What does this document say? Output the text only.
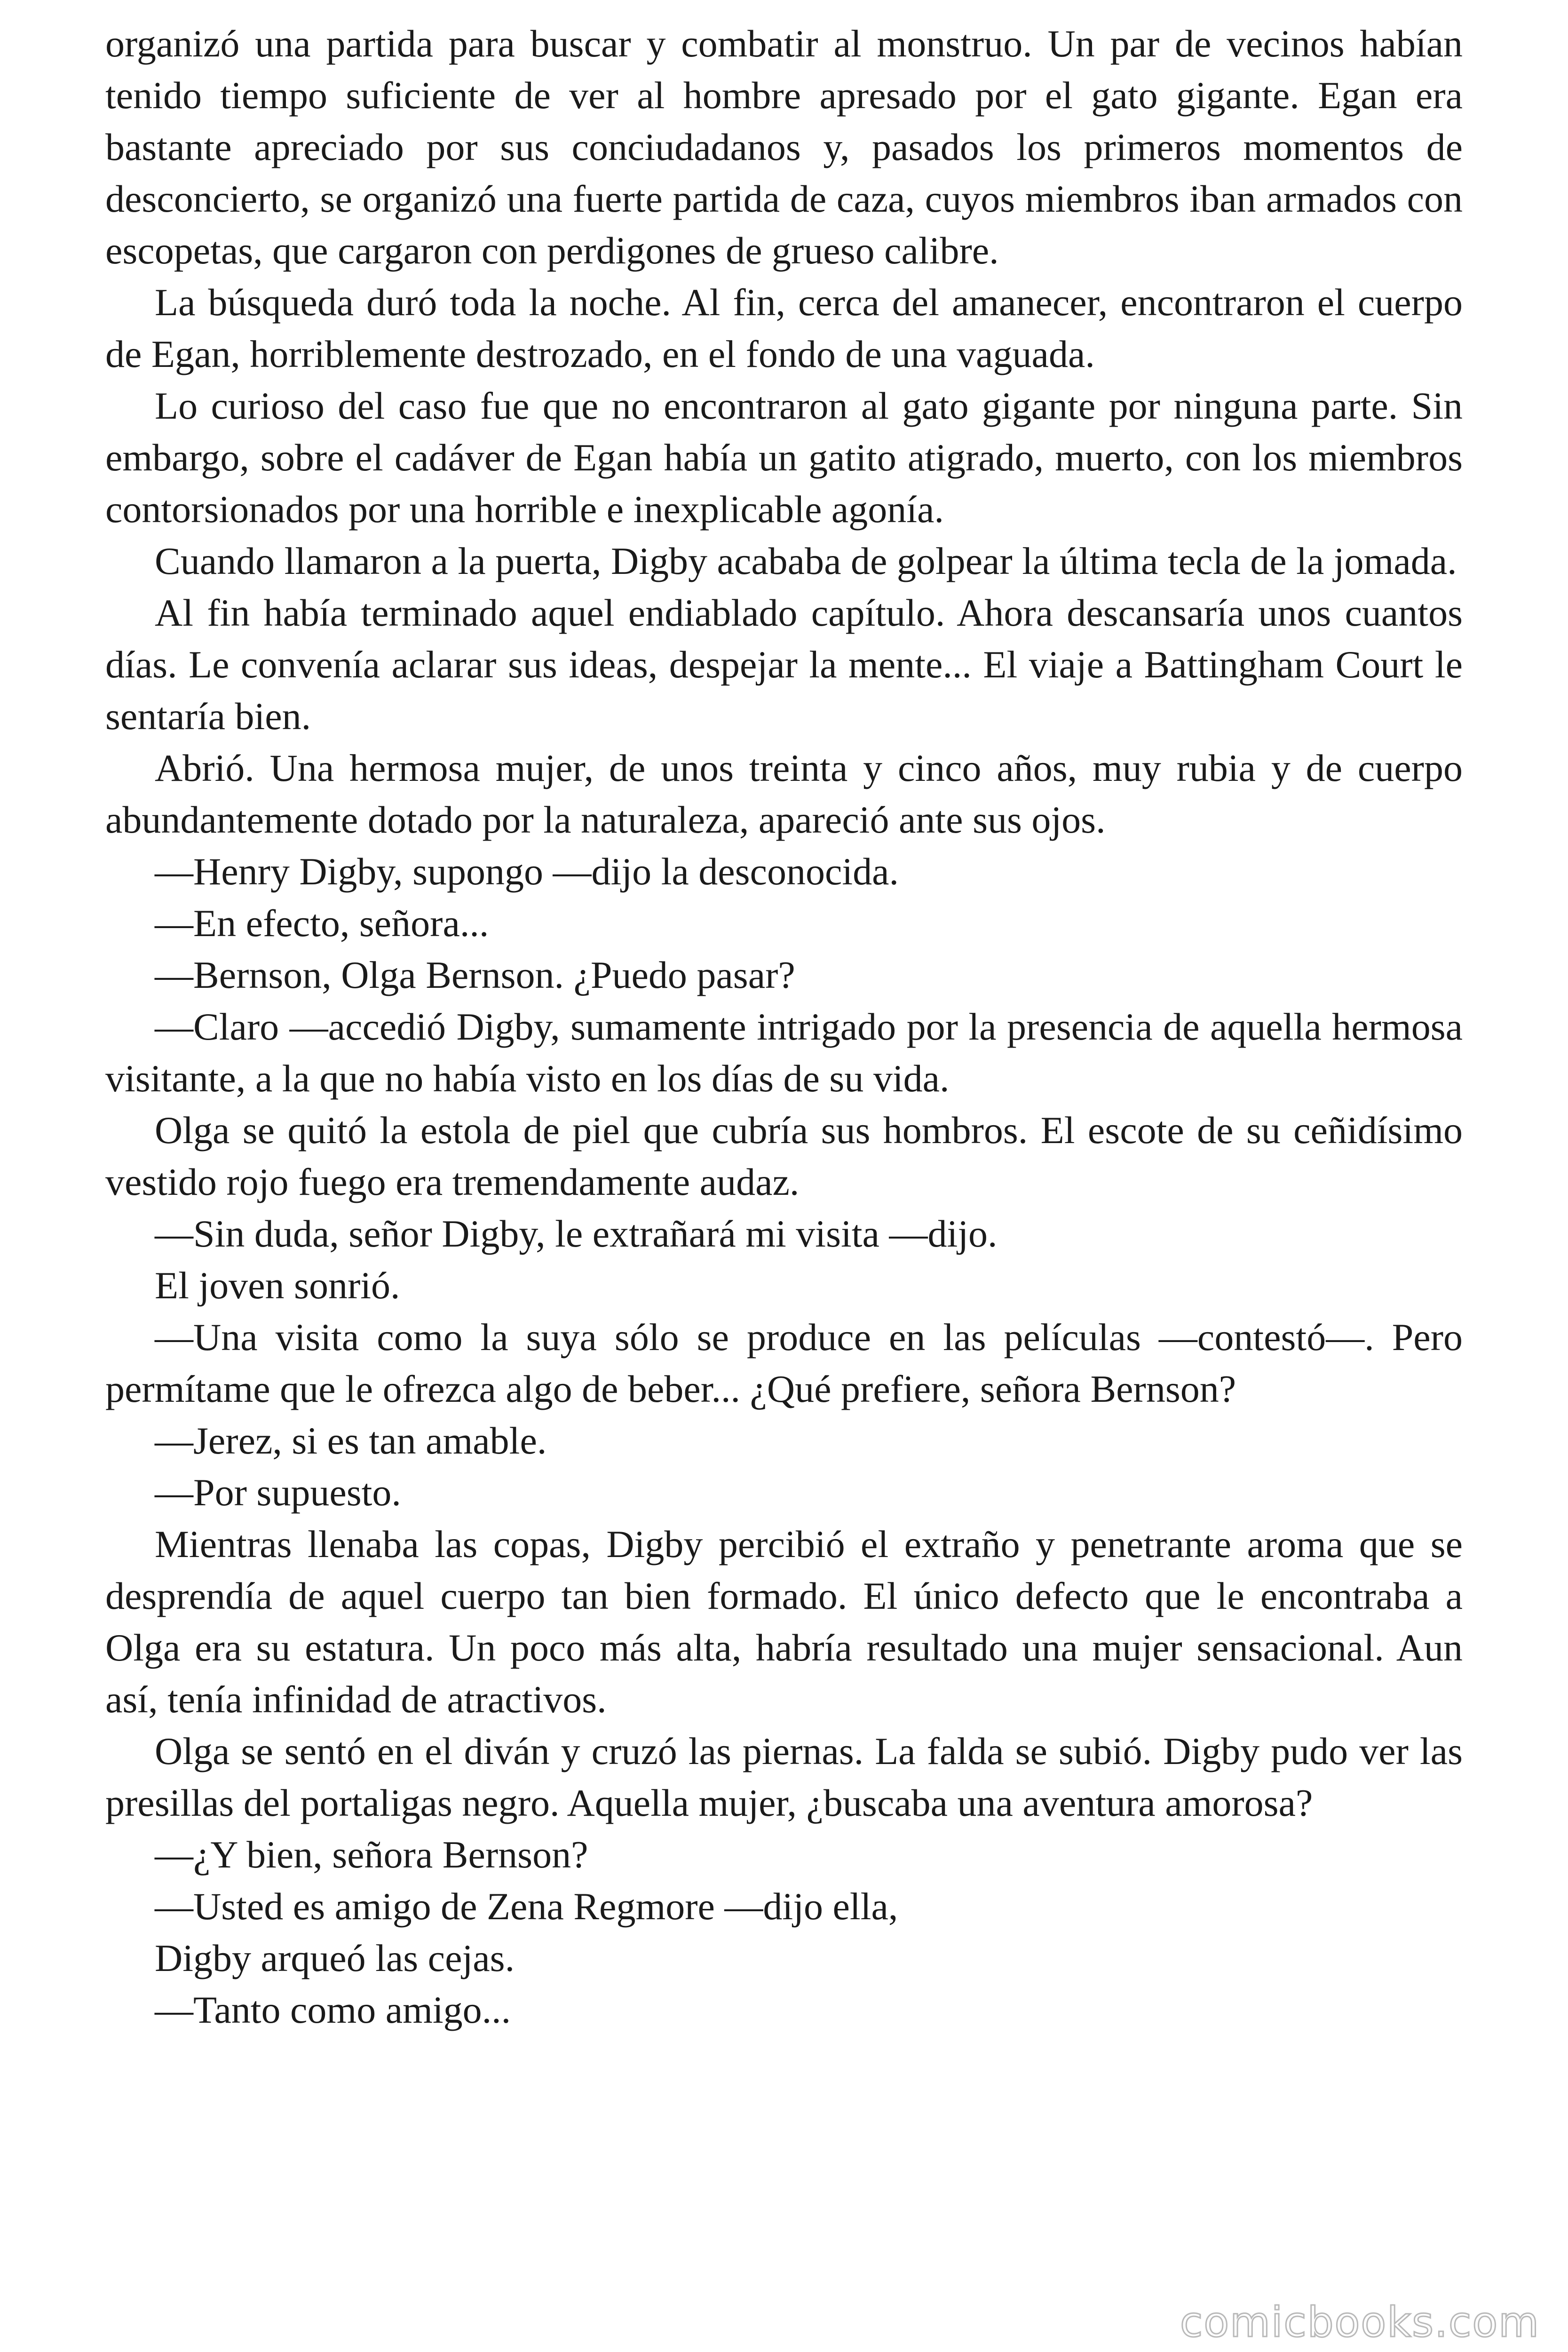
organizó una partida para buscar y combatir al monstruo. Un par de vecinos habían tenido tiempo suficiente de ver al hombre apresado por el gato gigante. Egan era bastante apreciado por sus conciudadanos y, pasados los primeros momentos de desconcierto, se organizó una fuerte partida de caza, cuyos miembros iban armados con escopetas, que cargaron con perdigones de grueso calibre.

La búsqueda duró toda la noche. Al fin, cerca del amanecer, encontraron el cuerpo de Egan, horriblemente destrozado, en el fondo de una vaguada.

Lo curioso del caso fue que no encontraron al gato gigante por ninguna parte. Sin embargo, sobre el cadáver de Egan había un gatito atigrado, muerto, con los miembros contorsionados por una horrible e inexplicable agonía.

Cuando llamaron a la puerta, Digby acababa de golpear la última tecla de la jomada.

Al fin había terminado aquel endiablado capítulo. Ahora descansaría unos cuantos días. Le convenía aclarar sus ideas, despejar la mente... El viaje a Battingham Court le sentaría bien.

Abrió. Una hermosa mujer, de unos treinta y cinco años, muy rubia y de cuerpo abundantemente dotado por la naturaleza, apareció ante sus ojos.

—Henry Digby, supongo —dijo la desconocida.

—En efecto, señora...

—Bernson, Olga Bernson. ¿Puedo pasar?

—Claro —accedió Digby, sumamente intrigado por la presencia de aquella hermosa visitante, a la que no había visto en los días de su vida.

Olga se quitó la estola de piel que cubría sus hombros. El escote de su ceñidísimo vestido rojo fuego era tremendamente audaz.

—Sin duda, señor Digby, le extrañará mi visita —dijo.

El joven sonrió.

—Una visita como la suya sólo se produce en las películas —contestó—. Pero permítame que le ofrezca algo de beber... ¿Qué prefiere, señora Bernson?

—Jerez, si es tan amable.

—Por supuesto.

Mientras llenaba las copas, Digby percibió el extraño y penetrante aroma que se desprendía de aquel cuerpo tan bien formado. El único defecto que le encontraba a Olga era su estatura. Un poco más alta, habría resultado una mujer sensacional. Aun así, tenía infinidad de atractivos.

Olga se sentó en el diván y cruzó las piernas. La falda se subió. Digby pudo ver las presillas del portaligas negro. Aquella mujer, ¿buscaba una aventura amorosa?

—¿Y bien, señora Bernson?

—Usted es amigo de Zena Regmore —dijo ella,

Digby arqueó las cejas.

—Tanto como amigo...

comicbooks.com
